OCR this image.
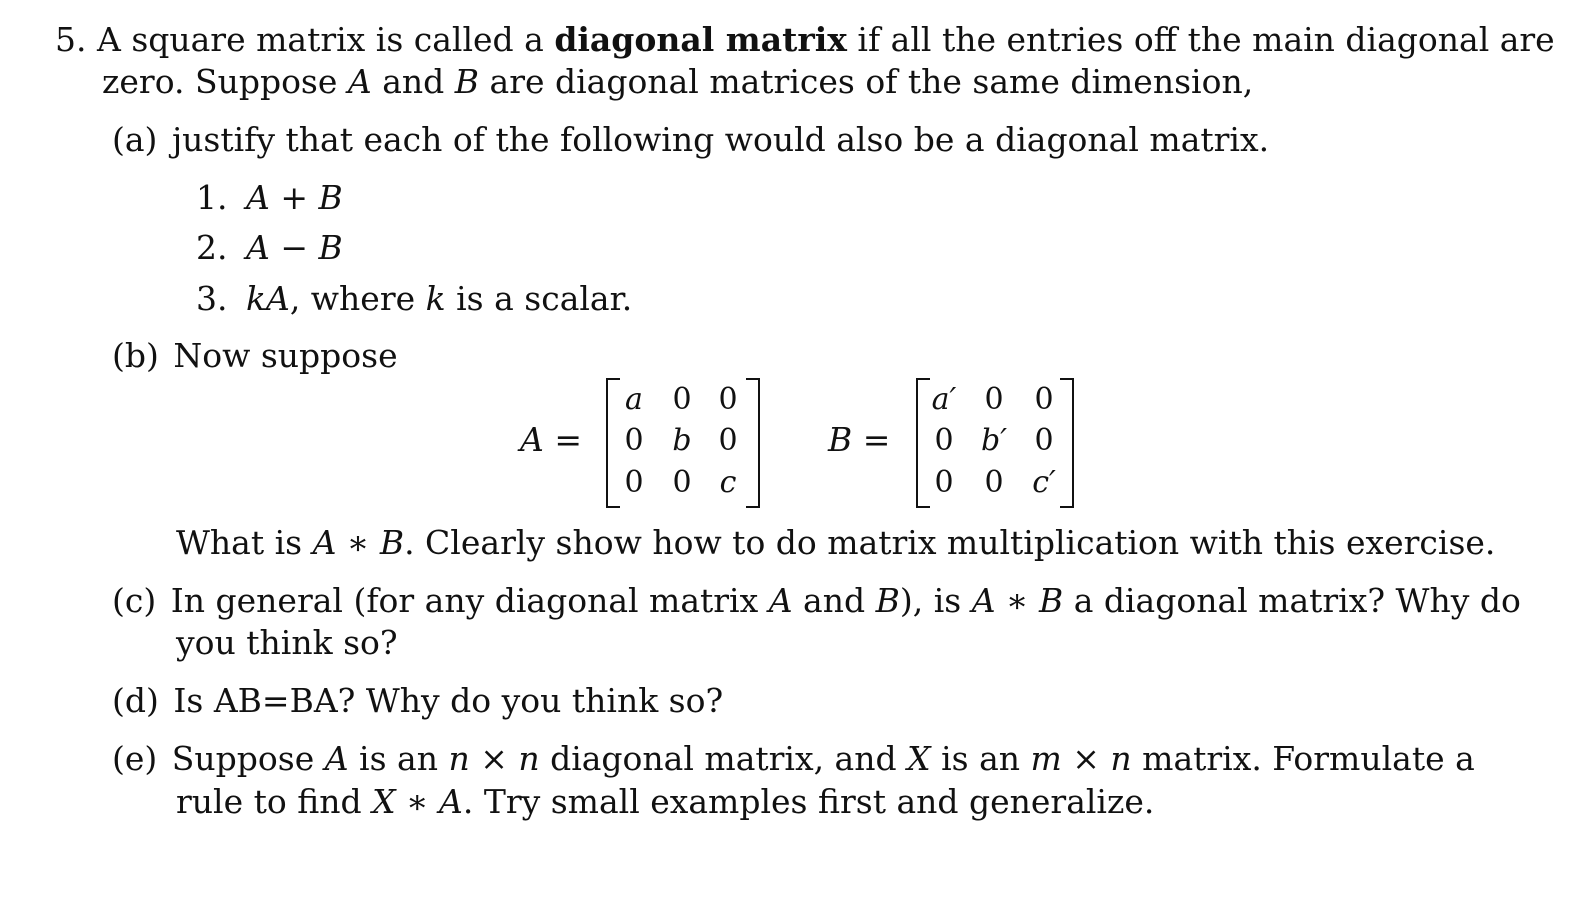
5. A square matrix is called a diagonal matrix if all the entries off the main diagonal are
zero. Suppose A and B are diagonal matrices of the same dimension,
(a) justify that each of the following would also be a diagonal matrix.
1. A + B
2. A − B
3. kA, where k is a scalar.
(b) Now suppose
A =
a 0 0
0 b 0
0 0 c
B =
a′ 0	0
0 b′ 0
0	0 c′
What is A ∗ B. Clearly show how to do matrix multiplication with this exercise.
(c) In general (for any diagonal matrix A and B), is A ∗ B a diagonal matrix? Why do
you think so?
(d) Is AB=BA? Why do you think so?
(e) Suppose A is an n × n diagonal matrix, and X is an m × n matrix. Formulate a
rule to find X ∗ A. Try small examples first and generalize.
